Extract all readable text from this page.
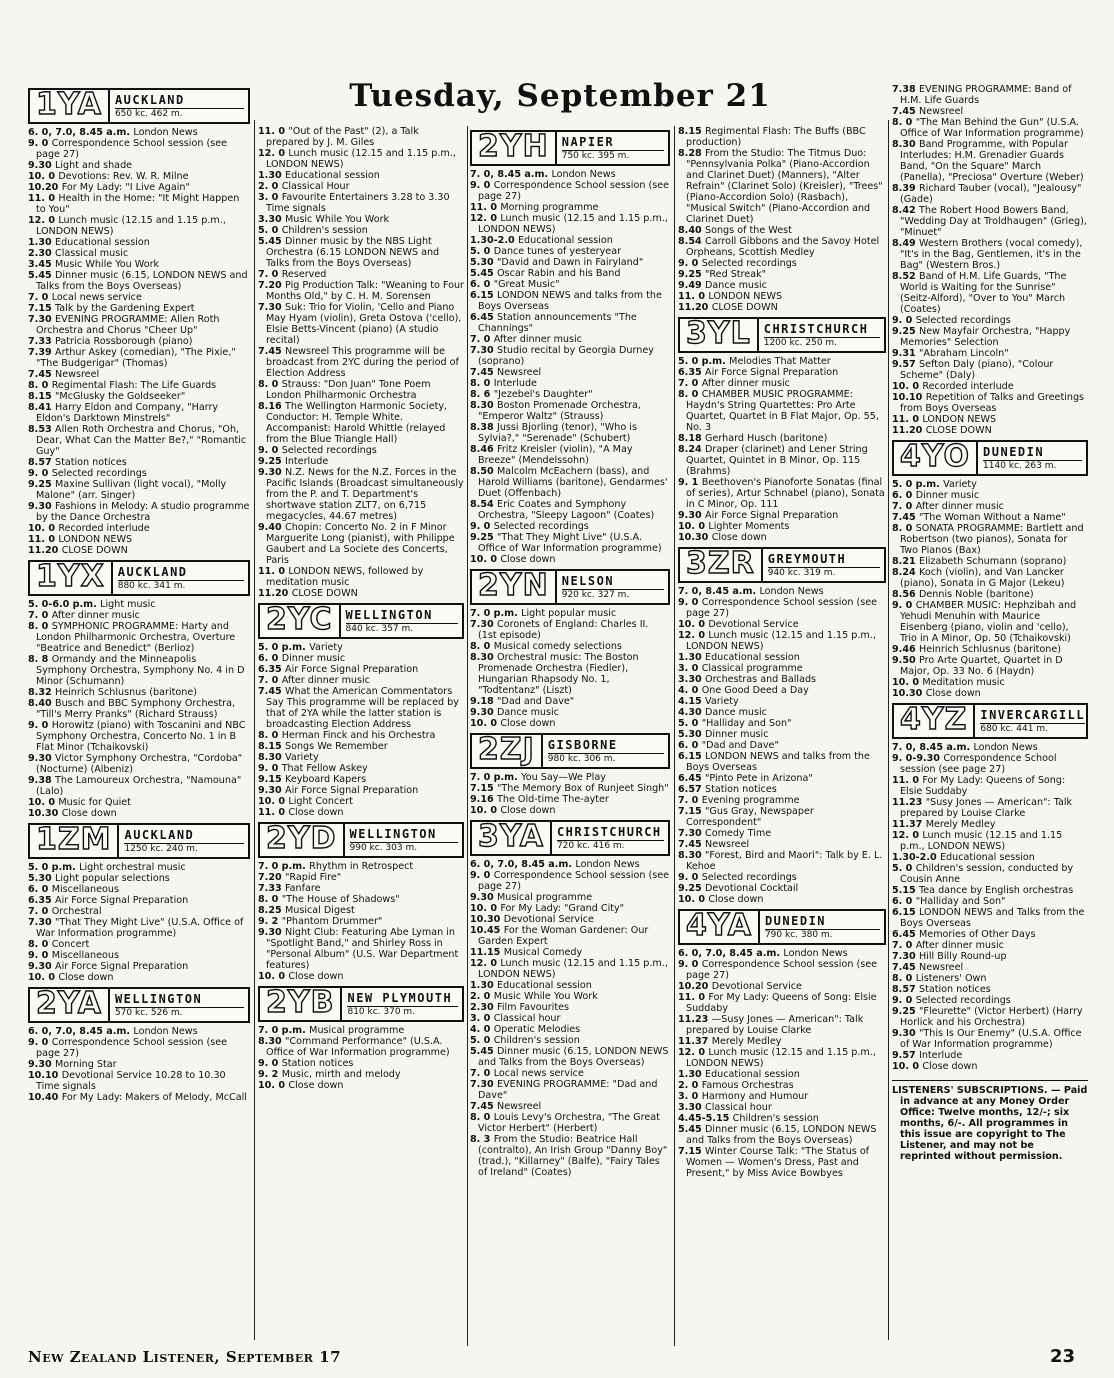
Tuesday, September 21
1YA	AUCKLAND
650 kc. 462 m.

6. 0, 7.0, 8.45 a.m. London News

9. 0 Correspondence School session (see page 27)

9.30 Light and shade

10. 0 Devotions: Rev. W. R. Milne

10.20 For My Lady: "I Live Again"

11. 0 Health in the Home: "It Might Happen to You"

12. 0 Lunch music (12.15 and 1.15 p.m., LONDON NEWS)

1.30 Educational session

2.30 Classical music

3.45 Music While You Work

5.45 Dinner music (6.15, LONDON NEWS and Talks from the Boys Overseas)

7. 0 Local news service

7.15 Talk by the Gardening Expert

7.30 EVENING PROGRAMME: Allen Roth Orchestra and Chorus "Cheer Up"

7.33 Patricia Rossborough (piano)

7.39 Arthur Askey (comedian), "The Pixie," "The Budgerigar" (Thomas)

7.45 Newsreel

8. 0 Regimental Flash: The Life Guards

8.15 "McGlusky the Goldseeker"

8.41 Harry Eldon and Company, "Harry Eldon's Darktown Minstrels"

8.53 Allen Roth Orchestra and Chorus, "Oh, Dear, What Can the Matter Be?," "Romantic Guy"

8.57 Station notices

9. 0 Selected recordings

9.25 Maxine Sullivan (light vocal), "Molly Malone" (arr. Singer)

9.30 Fashions in Melody: A studio programme by the Dance Orchestra

10. 0 Recorded interlude

11. 0 LONDON NEWS

11.20 CLOSE DOWN

1YX	AUCKLAND
880 kc. 341 m.

5. 0-6.0 p.m. Light music

7. 0 After dinner music

8. 0 SYMPHONIC PROGRAMME: Harty and London Philharmonic Orchestra, Overture "Beatrice and Benedict" (Berlioz)

8. 8 Ormandy and the Minneapolis Symphony Orchestra, Symphony No. 4 in D Minor (Schumann)

8.32 Heinrich Schlusnus (baritone)

8.40 Busch and BBC Symphony Orchestra, "Till's Merry Pranks" (Richard Strauss)

9. 0 Horowitz (piano) with Toscanini and NBC Symphony Orchestra, Concerto No. 1 in B Flat Minor (Tchaikovski)

9.30 Victor Symphony Orchestra, "Cordoba" (Nocturne) (Albeniz)

9.38 The Lamoureux Orchestra, "Namouna" (Lalo)

10. 0 Music for Quiet

10.30 Close down

1ZM	AUCKLAND
1250 kc. 240 m.

5. 0 p.m. Light orchestral music

5.30 Light popular selections

6. 0 Miscellaneous

6.35 Air Force Signal Preparation

7. 0 Orchestral

7.30 "That They Might Live" (U.S.A. Office of War Information programme)

8. 0 Concert

9. 0 Miscellaneous

9.30 Air Force Signal Preparation

10. 0 Close down

2YA	WELLINGTON
570 kc. 526 m.

6. 0, 7.0, 8.45 a.m. London News

9. 0 Correspondence School session (see page 27)

9.30 Morning Star

10.10 Devotional Service 10.28 to 10.30 Time signals

10.40 For My Lady: Makers of Melody, McCall

11. 0 "Out of the Past" (2), a Talk prepared by J. M. Giles

12. 0 Lunch music (12.15 and 1.15 p.m., LONDON NEWS)

1.30 Educational session

2. 0 Classical Hour

3. 0 Favourite Entertainers 3.28 to 3.30 Time signals

3.30 Music While You Work

5. 0 Children's session

5.45 Dinner music by the NBS Light Orchestra (6.15 LONDON NEWS and Talks from the Boys Overseas)

7. 0 Reserved

7.20 Pig Production Talk: "Weaning to Four Months Old," by C. H. M. Sorensen

7.30 Suk: Trio for Violin, 'Cello and Piano May Hyam (violin), Greta Ostova ('cello), Elsie Betts-Vincent (piano) (A studio recital)

7.45 Newsreel This programme will be broadcast from 2YC during the period of Election Address

8. 0 Strauss: "Don Juan" Tone Poem London Philharmonic Orchestra

8.16 The Wellington Harmonic Society, Conductor: H. Temple White. Accompanist: Harold Whittle (relayed from the Blue Triangle Hall)

9. 0 Selected recordings

9.25 Interlude

9.30 N.Z. News for the N.Z. Forces in the Pacific Islands (Broadcast simultaneously from the P. and T. Department's shortwave station ZLT7, on 6,715 megacycles, 44.67 metres)

9.40 Chopin: Concerto No. 2 in F Minor Marguerite Long (pianist), with Philippe Gaubert and La Societe des Concerts, Paris

11. 0 LONDON NEWS, followed by meditation music

11.20 CLOSE DOWN

2YC	WELLINGTON
840 kc. 357 m.

5. 0 p.m. Variety

6. 0 Dinner music

6.35 Air Force Signal Preparation

7. 0 After dinner music

7.45 What the American Commentators Say This programme will be replaced by that of 2YA while the latter station is broadcasting Election Address

8. 0 Herman Finck and his Orchestra

8.15 Songs We Remember

8.30 Variety

9. 0 That Fellow Askey

9.15 Keyboard Kapers

9.30 Air Force Signal Preparation

10. 0 Light Concert

11. 0 Close down

2YD	WELLINGTON
990 kc. 303 m.

7. 0 p.m. Rhythm in Retrospect

7.20 "Rapid Fire"

7.33 Fanfare

8. 0 "The House of Shadows"

8.25 Musical Digest

9. 2 "Phantom Drummer"

9.30 Night Club: Featuring Abe Lyman in "Spotlight Band," and Shirley Ross in "Personal Album" (U.S. War Department features)

10. 0 Close down

2YB	NEW PLYMOUTH
810 kc. 370 m.

7. 0 p.m. Musical programme

8.30 "Command Performance" (U.S.A. Office of War Information programme)

9. 0 Station notices

9. 2 Music, mirth and melody

10. 0 Close down

2YH	NAPIER
750 kc. 395 m.

7. 0, 8.45 a.m. London News

9. 0 Correspondence School session (see page 27)

11. 0 Morning programme

12. 0 Lunch music (12.15 and 1.15 p.m., LONDON NEWS)

1.30-2.0 Educational session

5. 0 Dance tunes of yesteryear

5.30 "David and Dawn in Fairyland"

5.45 Oscar Rabin and his Band

6. 0 "Great Music"

6.15 LONDON NEWS and talks from the Boys Overseas

6.45 Station announcements "The Channings"

7. 0 After dinner music

7.30 Studio recital by Georgia Durney (soprano)

7.45 Newsreel

8. 0 Interlude

8. 6 "Jezebel's Daughter"

8.30 Boston Promenade Orchestra, "Emperor Waltz" (Strauss)

8.38 Jussi Bjorling (tenor), "Who is Sylvia?," "Serenade" (Schubert)

8.46 Fritz Kreisler (violin), "A May Breeze" (Mendelssohn)

8.50 Malcolm McEachern (bass), and Harold Williams (baritone), Gendarmes' Duet (Offenbach)

8.54 Eric Coates and Symphony Orchestra, "Sleepy Lagoon" (Coates)

9. 0 Selected recordings

9.25 "That They Might Live" (U.S.A. Office of War Information programme)

10. 0 Close down

2YN	NELSON
920 kc. 327 m.

7. 0 p.m. Light popular music

7.30 Coronets of England: Charles II. (1st episode)

8. 0 Musical comedy selections

8.30 Orchestral music: The Boston Promenade Orchestra (Fiedler), Hungarian Rhapsody No. 1, "Todtentanz" (Liszt)

9.18 "Dad and Dave"

9.30 Dance music

10. 0 Close down

2ZJ	GISBORNE
980 kc. 306 m.

7. 0 p.m. You Say—We Play

7.15 "The Memory Box of Runjeet Singh"

9.16 The Old-time The-ayter

10. 0 Close down

3YA	CHRISTCHURCH
720 kc. 416 m.

6. 0, 7.0, 8.45 a.m. London News

9. 0 Correspondence School session (see page 27)

9.30 Musical programme

10. 0 For My Lady: "Grand City"

10.30 Devotional Service

10.45 For the Woman Gardener: Our Garden Expert

11.15 Musical Comedy

12. 0 Lunch music (12.15 and 1.15 p.m., LONDON NEWS)

1.30 Educational session

2. 0 Music While You Work

2.30 Film Favourites

3. 0 Classical hour

4. 0 Operatic Melodies

5. 0 Children's session

5.45 Dinner music (6.15, LONDON NEWS and Talks from the Boys Overseas)

7. 0 Local news service

7.30 EVENING PROGRAMME: "Dad and Dave"

7.45 Newsreel

8. 0 Louis Levy's Orchestra, "The Great Victor Herbert" (Herbert)

8. 3 From the Studio: Beatrice Hall (contralto), An Irish Group "Danny Boy" (trad.), "Killarney" (Balfe), "Fairy Tales of Ireland" (Coates)

8.15 Regimental Flash: The Buffs (BBC production)

8.28 From the Studio: The Titmus Duo: "Pennsylvania Polka" (Piano-Accordion and Clarinet Duet) (Manners), "Alter Refrain" (Clarinet Solo) (Kreisler), "Trees" (Piano-Accordion Solo) (Rasbach), "Musical Switch" (Piano-Accordion and Clarinet Duet)

8.40 Songs of the West

8.54 Carroll Gibbons and the Savoy Hotel Orpheans, Scottish Medley

9. 0 Selected recordings

9.25 "Red Streak"

9.49 Dance music

11. 0 LONDON NEWS

11.20 CLOSE DOWN

3YL	CHRISTCHURCH
1200 kc. 250 m.

5. 0 p.m. Melodies That Matter

6.35 Air Force Signal Preparation

7. 0 After dinner music

8. 0 CHAMBER MUSIC PROGRAMME: Haydn's String Quartettes: Pro Arte Quartet, Quartet in B Flat Major, Op. 55, No. 3

8.18 Gerhard Husch (baritone)

8.24 Draper (clarinet) and Lener String Quartet, Quintet in B Minor, Op. 115 (Brahms)

9. 1 Beethoven's Pianoforte Sonatas (final of series), Artur Schnabel (piano), Sonata in C Minor, Op. 111

9.30 Air Force Signal Preparation

10. 0 Lighter Moments

10.30 Close down

3ZR	GREYMOUTH
940 kc. 319 m.

7. 0, 8.45 a.m. London News

9. 0 Correspondence School session (see page 27)

10. 0 Devotional Service

12. 0 Lunch music (12.15 and 1.15 p.m., LONDON NEWS)

1.30 Educational session

3. 0 Classical programme

3.30 Orchestras and Ballads

4. 0 One Good Deed a Day

4.15 Variety

4.30 Dance music

5. 0 "Halliday and Son"

5.30 Dinner music

6. 0 "Dad and Dave"

6.15 LONDON NEWS and talks from the Boys Overseas

6.45 "Pinto Pete in Arizona"

6.57 Station notices

7. 0 Evening programme

7.15 "Gus Gray, Newspaper Correspondent"

7.30 Comedy Time

7.45 Newsreel

8.30 "Forest, Bird and Maori": Talk by E. L. Kehoe

9. 0 Selected recordings

9.25 Devotional Cocktail

10. 0 Close down

4YA	DUNEDIN
790 kc. 380 m.

6. 0, 7.0, 8.45 a.m. London News

9. 0 Correspondence School session (see page 27)

10.20 Devotional Service

11. 0 For My Lady: Queens of Song: Elsie Suddaby

11.23 —Susy Jones — American": Talk prepared by Louise Clarke

11.37 Merely Medley

12. 0 Lunch music (12.15 and 1.15 p.m., LONDON NEWS)

1.30 Educational session

2. 0 Famous Orchestras

3. 0 Harmony and Humour

3.30 Classical hour

4.45-5.15 Children's session

5.45 Dinner music (6.15, LONDON NEWS and Talks from the Boys Overseas)

7.15 Winter Course Talk: "The Status of Women — Women's Dress, Past and Present," by Miss Avice Bowbyes

7.38 EVENING PROGRAMME: Band of H.M. Life Guards

7.45 Newsreel

8. 0 "The Man Behind the Gun" (U.S.A. Office of War Information programme)

8.30 Band Programme, with Popular Interludes: H.M. Grenadier Guards Band, "On the Square" March (Panella), "Preciosa" Overture (Weber)

8.39 Richard Tauber (vocal), "Jealousy" (Gade)

8.42 The Robert Hood Bowers Band, "Wedding Day at Troldhaugen" (Grieg), "Minuet"

8.49 Western Brothers (vocal comedy), "It's in the Bag, Gentlemen, it's in the Bag" (Western Bros.)

8.52 Band of H.M. Life Guards, "The World is Waiting for the Sunrise" (Seitz-Alford), "Over to You" March (Coates)

9. 0 Selected recordings

9.25 New Mayfair Orchestra, "Happy Memories" Selection

9.31 "Abraham Lincoln"

9.57 Sefton Daly (piano), "Colour Scheme" (Daly)

10. 0 Recorded interlude

10.10 Repetition of Talks and Greetings from Boys Overseas

11. 0 LONDON NEWS

11.20 CLOSE DOWN

4YO	DUNEDIN
1140 kc. 263 m.

5. 0 p.m. Variety

6. 0 Dinner music

7. 0 After dinner music

7.45 "The Woman Without a Name"

8. 0 SONATA PROGRAMME: Bartlett and Robertson (two pianos), Sonata for Two Pianos (Bax)

8.21 Elizabeth Schumann (soprano)

8.24 Koch (violin), and Van Lancker (piano), Sonata in G Major (Lekeu)

8.56 Dennis Noble (baritone)

9. 0 CHAMBER MUSIC: Hephzibah and Yehudi Menuhin with Maurice Eisenberg (piano, violin and 'cello), Trio in A Minor, Op. 50 (Tchaikovski)

9.46 Heinrich Schlusnus (baritone)

9.50 Pro Arte Quartet, Quartet in D Major, Op. 33 No. 6 (Haydn)

10. 0 Meditation music

10.30 Close down

4YZ	INVERCARGILL
680 kc. 441 m.

7. 0, 8.45 a.m. London News

9. 0-9.30 Correspondence School session (see page 27)

11. 0 For My Lady: Queens of Song: Elsie Suddaby

11.23 "Susy Jones — American": Talk prepared by Louise Clarke

11.37 Merely Medley

12. 0 Lunch music (12.15 and 1.15 p.m., LONDON NEWS)

1.30-2.0 Educational session

5. 0 Children's session, conducted by Cousin Anne

5.15 Tea dance by English orchestras

6. 0 "Halliday and Son"

6.15 LONDON NEWS and Talks from the Boys Overseas

6.45 Memories of Other Days

7. 0 After dinner music

7.30 Hill Billy Round-up

7.45 Newsreel

8. 0 Listeners' Own

8.57 Station notices

9. 0 Selected recordings

9.25 "Fleurette" (Victor Herbert) (Harry Horlick and his Orchestra)

9.30 "This Is Our Enemy" (U.S.A. Office of War Information programme)

9.57 Interlude

10. 0 Close down

LISTENERS' SUBSCRIPTIONS. — Paid in advance at any Money Order Office: Twelve months, 12/-; six months, 6/-. All programmes in this issue are copyright to The Listener, and may not be reprinted without permission.

New Zealand Listener, September 17	23
